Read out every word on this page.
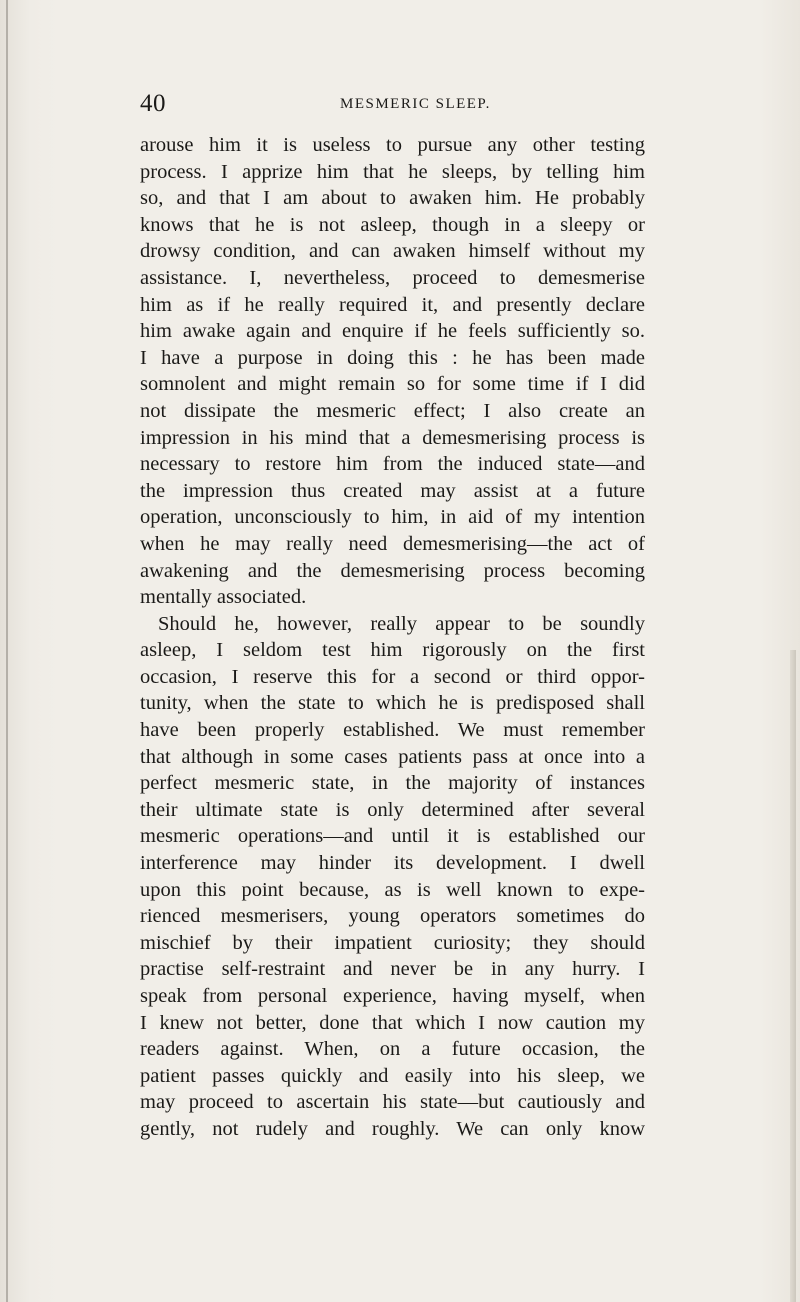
40	MESMERIC SLEEP.
arouse him it is useless to pursue any other testing
process. I apprize him that he sleeps, by telling him
so, and that I am about to awaken him. He probably
knows that he is not asleep, though in a sleepy or
drowsy condition, and can awaken himself without my
assistance. I, nevertheless, proceed to demesmerise
him as if he really required it, and presently declare
him awake again and enquire if he feels sufficiently so.
I have a purpose in doing this : he has been made
somnolent and might remain so for some time if I did
not dissipate the mesmeric effect; I also create an
impression in his mind that a demesmerising process is
necessary to restore him from the induced state—and
the impression thus created may assist at a future
operation, unconsciously to him, in aid of my intention
when he may really need demesmerising—the act of
awakening and the demesmerising process becoming
mentally associated.
Should he, however, really appear to be soundly
asleep, I seldom test him rigorously on the first
occasion, I reserve this for a second or third oppor-
tunity, when the state to which he is predisposed shall
have been properly established. We must remember
that although in some cases patients pass at once into a
perfect mesmeric state, in the majority of instances
their ultimate state is only determined after several
mesmeric operations—and until it is established our
interference may hinder its development. I dwell
upon this point because, as is well known to expe-
rienced mesmerisers, young operators sometimes do
mischief by their impatient curiosity; they should
practise self-restraint and never be in any hurry. I
speak from personal experience, having myself, when
I knew not better, done that which I now caution my
readers against. When, on a future occasion, the
patient passes quickly and easily into his sleep, we
may proceed to ascertain his state—but cautiously and
gently, not rudely and roughly. We can only know
